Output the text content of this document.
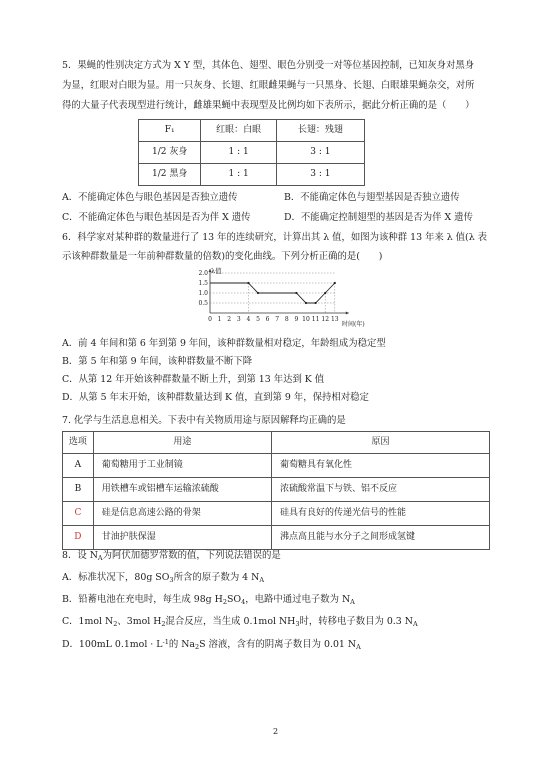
5．果蝇的性别决定方式为 X Y 型，其体色、翅型、眼色分别受一对等位基因控制，已知灰身对黑身
为显，红眼对白眼为显。用一只灰身、长翅、红眼雌果蝇与一只黑身、长翅、白眼雄果蝇杂交，对所
得的大量子代表现型进行统计，雌雄果蝇中表现型及比例均如下表所示，据此分析正确的是（　　）
F₁	红眼：白眼	长翅：残翅
1/2 灰身	1 : 1	3 : 1
1/2 黑身	1 : 1	3 : 1
A．不能确定体色与眼色基因是否独立遗传	B．不能确定体色与翅型基因是否独立遗传
C．不能确定体色与眼色基因是否为伴 X 遗传	D．不能确定控制翅型的基因是否为伴 X 遗传
6．科学家对某种群的数量进行了 13 年的连续研究，计算出其 λ 值，如图为该种群 13 年来 λ 值(λ 表
示该种群数量是一年前种群数量的倍数)的变化曲线。下列分析正确的是(　　)
2.0
1.5
1.0
0.5
0 1 2 3 4 5 6 7 8 9 10 11 12 13
λ值
时间(年)
A．前 4 年间和第 6 年到第 9 年间，该种群数量相对稳定，年龄组成为稳定型
B．第 5 年和第 9 年间，该种群数量不断下降
C．从第 12 年开始该种群数量不断上升，到第 13 年达到 K 值
D．从第 5 年末开始，该种群数量达到 K 值，直到第 9 年，保持相对稳定
7. 化学与生活息息相关。下表中有关物质用途与原因解释均正确的是
选项	用途	原因
A	葡萄糖用于工业制镜	葡萄糖具有氧化性
B	用铁槽车或铝槽车运输浓硫酸	浓硫酸常温下与铁、铝不反应
C	硅是信息高速公路的骨架	硅具有良好的传递光信号的性能
D	甘油护肤保湿	沸点高且能与水分子之间形成氢键
8．设 $N_A$为阿伏加德罗常数的值，下列说法错误的是
A．标准状况下，80g $SO_3$所含的原子数为 4 $N_A$
B．铅蓄电池在充电时，每生成 98g $H_2SO_4$，电路中通过电子数为 $N_A$
C．1mol $N_2$、3mol $H_2$混合反应，当生成 0.1mol $NH_3$时，转移电子数目为 0.3 $N_A$
D．100mL $0.1mol \cdot L^{-1}$的 $Na_2S$ 溶液，含有的阴离子数目为 0.01 $N_A$
2
